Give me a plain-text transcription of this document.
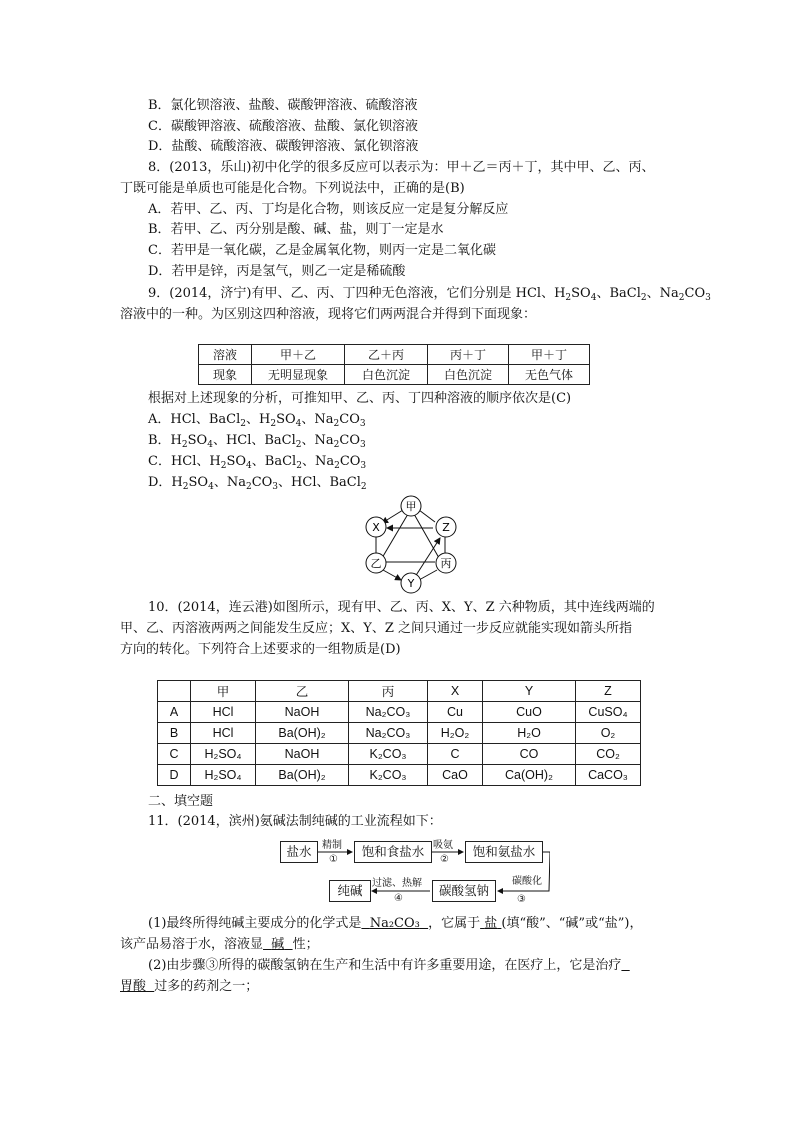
B．氯化钡溶液、盐酸、碳酸钾溶液、硫酸溶液
C．碳酸钾溶液、硫酸溶液、盐酸、氯化钡溶液
D．盐酸、硫酸溶液、碳酸钾溶液、氯化钡溶液
8．(2013，乐山)初中化学的很多反应可以表示为：甲＋乙＝丙＋丁，其中甲、乙、丙、
丁既可能是单质也可能是化合物。下列说法中，正确的是(B)
A．若甲、乙、丙、丁均是化合物，则该反应一定是复分解反应
B．若甲、乙、丙分别是酸、碱、盐，则丁一定是水
C．若甲是一氧化碳，乙是金属氧化物，则丙一定是二氧化碳
D．若甲是锌，丙是氢气，则乙一定是稀硫酸
9．(2014，济宁)有甲、乙、丙、丁四种无色溶液，它们分别是 HCl、$H_2SO_4$、BaCl$_2$、$Na_2CO_3$
溶液中的一种。为区别这四种溶液，现将它们两两混合并得到下面现象：
溶液	甲＋乙	乙＋丙	丙＋丁	甲＋丁
现象	无明显现象	白色沉淀	白色沉淀	无色气体
根据对上述现象的分析，可推知甲、乙、丙、丁四种溶液的顺序依次是(C)
A．HCl、BaCl$_2$、$H_2SO_4$、$Na_2CO_3$
B．$H_2SO_4$、HCl、BaCl$_2$、$Na_2CO_3$
C．HCl、$H_2SO_4$、BaCl$_2$、$Na_2CO_3$
D．$H_2SO_4$、$Na_2CO_3$、HCl、BaCl$_2$
甲
Z
丙
Y
乙
X
10．(2014，连云港)如图所示，现有甲、乙、丙、X、Y、Z 六种物质，其中连线两端的
甲、乙、丙溶液两两之间能发生反应；X、Y、Z 之间只通过一步反应就能实现如箭头所指
方向的转化。下列符合上述要求的一组物质是(D)
	甲	乙	丙	X	Y	Z
A	HCl	NaOH	Na₂CO₃	Cu	CuO	CuSO₄
B	HCl	Ba(OH)₂	Na₂CO₃	H₂O₂	H₂O	O₂
C	H₂SO₄	NaOH	K₂CO₃	C	CO	CO₂
D	H₂SO₄	Ba(OH)₂	K₂CO₃	CaO	Ca(OH)₂	CaCO₃
二、填空题
11．(2014，滨州)氨碱法制纯碱的工业流程如下：
盐水	饱和食盐水	饱和氨盐水
碳酸氢钠
纯碱
精制
①
吸氨
②
碳酸化
③
过滤、热解
④
(1)最终所得纯碱主要成分的化学式是 Na₂CO₃ ，它属于 盐 (填“酸”、“碱”或“盐”)，
该产品易溶于水，溶液显 碱 性；
(2)由步骤③所得的碳酸氢钠在生产和生活中有许多重要用途，在医疗上，它是治疗
胃酸 过多的药剂之一；
